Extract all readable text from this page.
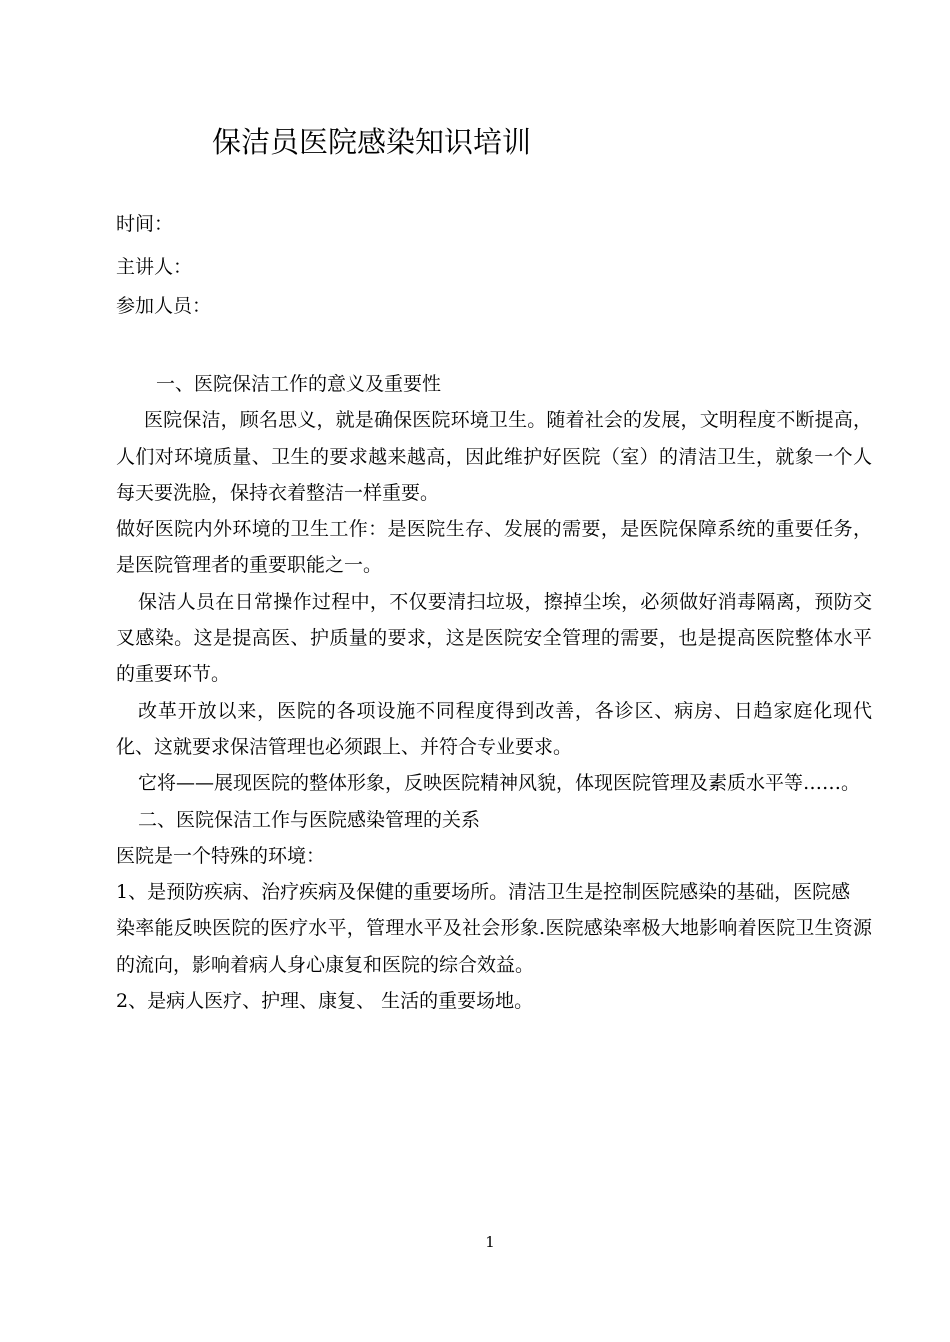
保洁员医院感染知识培训
时间：
主讲人：
参加人员：

一、医院保洁工作的意义及重要性

医院保洁，顾名思义，就是确保医院环境卫生。随着社会的发展，文明程度不断提高，人们对环境质量、卫生的要求越来越高，因此维护好医院（室）的清洁卫生，就象一个人每天要洗脸，保持衣着整洁一样重要。

做好医院内外环境的卫生工作：是医院生存、发展的需要，是医院保障系统的重要任务，是医院管理者的重要职能之一。

保洁人员在日常操作过程中，不仅要清扫垃圾，擦掉尘埃，必须做好消毒隔离，预防交叉感染。这是提高医、护质量的要求，这是医院安全管理的需要，也是提高医院整体水平的重要环节。

改革开放以来，医院的各项设施不同程度得到改善，各诊区、病房、日趋家庭化现代化、这就要求保洁管理也必须跟上、并符合专业要求。

它将——展现医院的整体形象，反映医院精神风貌，体现医院管理及素质水平等……。

二、医院保洁工作与医院感染管理的关系

医院是一个特殊的环境：

1、是预防疾病、治疗疾病及保健的重要场所。清洁卫生是控制医院感染的基础，医院感

染率能反映医院的医疗水平，管理水平及社会形象.医院感染率极大地影响着医院卫生资源的流向，影响着病人身心康复和医院的综合效益。

2、是病人医疗、护理、康复、 生活的重要场地。

1
